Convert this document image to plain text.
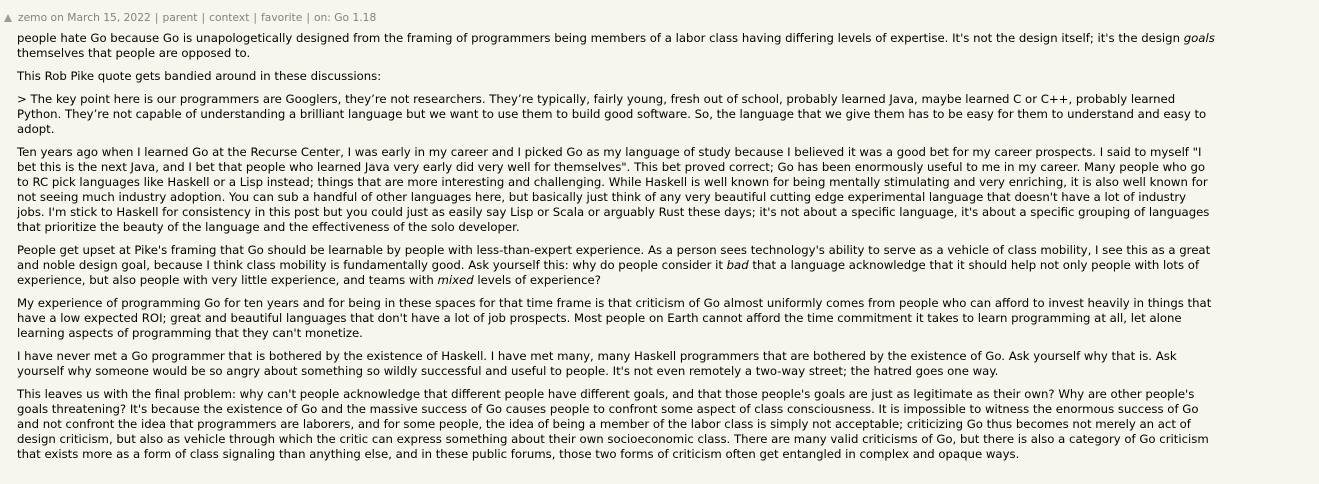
zemo
on
March 15, 2022 | parent | context | favorite | on: Go 1.18

people hate Go because Go is unapologetically designed from the framing of programmers being members of a labor class having differing levels of expertise. It's not the design itself; it's the design goals themselves that people are opposed to.

This Rob Pike quote gets bandied around in these discussions:

> The key point here is our programmers are Googlers, they’re not researchers. They’re typically, fairly young, fresh out of school, probably learned Java, maybe learned C or C++, probably learned Python. They’re not capable of understanding a brilliant language but we want to use them to build good software. So, the language that we give them has to be easy for them to understand and easy to adopt.

Ten years ago when I learned Go at the Recurse Center, I was early in my career and I picked Go as my language of study because I believed it was a good bet for my career prospects. I said to myself "I bet this is the next Java, and I bet that people who learned Java very early did very well for themselves". This bet proved correct; Go has been enormously useful to me in my career. Many people who go to RC pick languages like Haskell or a Lisp instead; things that are more interesting and challenging. While Haskell is well known for being mentally stimulating and very enriching, it is also well known for not seeing much industry adoption. You can sub a handful of other languages here, but basically just think of any very beautiful cutting edge experimental language that doesn't have a lot of industry jobs. I'm stick to Haskell for consistency in this post but you could just as easily say Lisp or Scala or arguably Rust these days; it's not about a specific language, it's about a specific grouping of languages that prioritize the beauty of the language and the effectiveness of the solo developer.

People get upset at Pike's framing that Go should be learnable by people with less-than-expert experience. As a person sees technology's ability to serve as a vehicle of class mobility, I see this as a great and noble design goal, because I think class mobility is fundamentally good. Ask yourself this: why do people consider it bad that a language acknowledge that it should help not only people with lots of experience, but also people with very little experience, and teams with mixed levels of experience?

My experience of programming Go for ten years and for being in these spaces for that time frame is that criticism of Go almost uniformly comes from people who can afford to invest heavily in things that have a low expected ROI; great and beautiful languages that don't have a lot of job prospects. Most people on Earth cannot afford the time commitment it takes to learn programming at all, let alone learning aspects of programming that they can't monetize.

I have never met a Go programmer that is bothered by the existence of Haskell. I have met many, many Haskell programmers that are bothered by the existence of Go. Ask yourself why that is. Ask yourself why someone would be so angry about something so wildly successful and useful to people. It's not even remotely a two-way street; the hatred goes one way.

This leaves us with the final problem: why can't people acknowledge that different people have different goals, and that those people's goals are just as legitimate as their own? Why are other people's goals threatening? It's because the existence of Go and the massive success of Go causes people to confront some aspect of class consciousness. It is impossible to witness the enormous success of Go and not confront the idea that programmers are laborers, and for some people, the idea of being a member of the labor class is simply not acceptable; criticizing Go thus becomes not merely an act of design criticism, but also as vehicle through which the critic can express something about their own socioeconomic class. There are many valid criticisms of Go, but there is also a category of Go criticism that exists more as a form of class signaling than anything else, and in these public forums, those two forms of criticism often get entangled in complex and opaque ways.
